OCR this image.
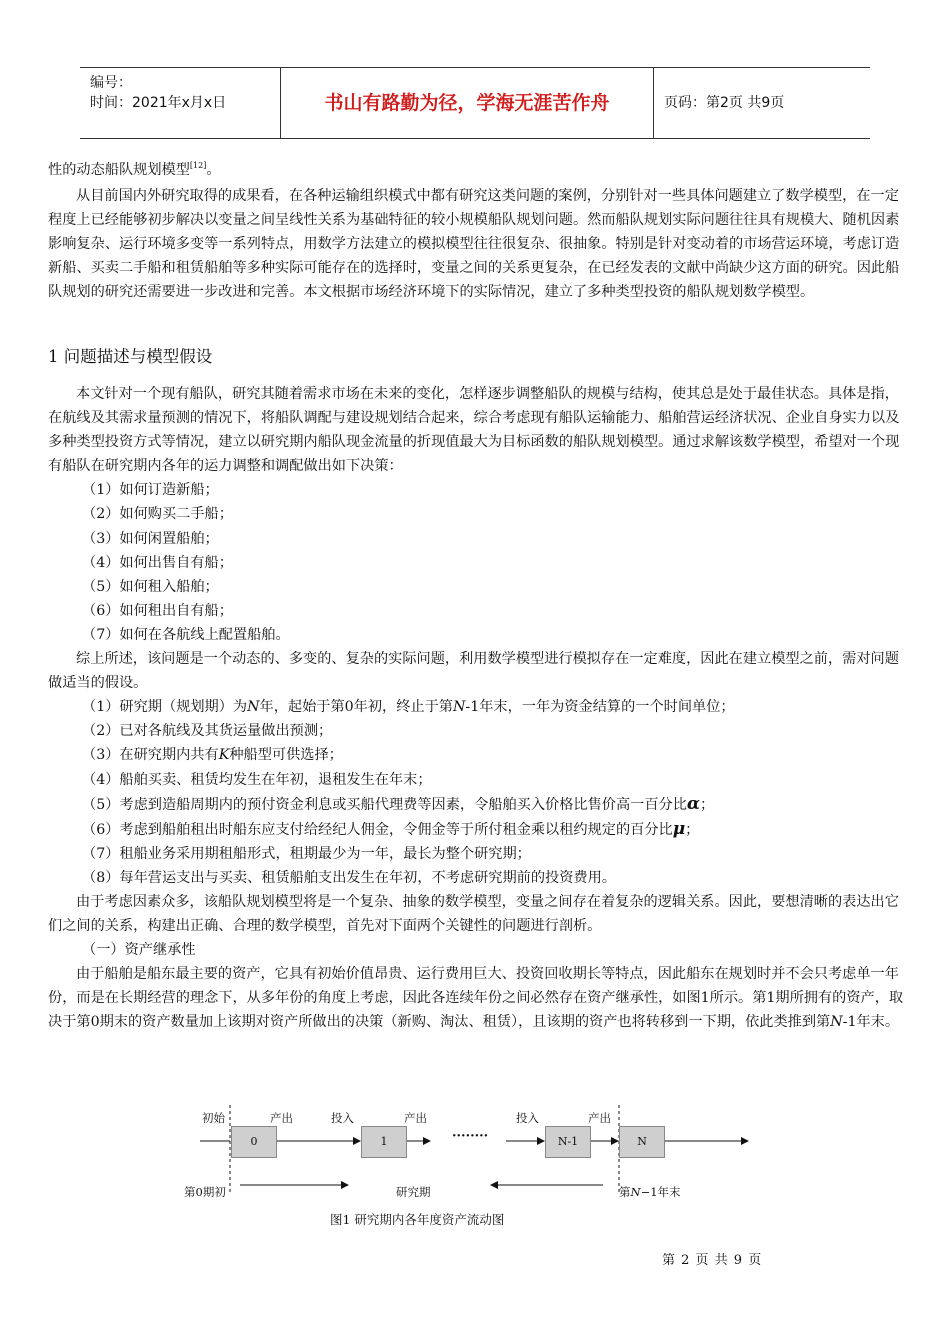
编号：
时间：2021年x月x日	书山有路勤为径，学海无涯苦作舟	页码：第2页 共9页

性的动态船队规划模型[12]。

从目前国内外研究取得的成果看，在各种运输组织模式中都有研究这类问题的案例，分别针对一些具体问题建立了数学模型，在一定程度上已经能够初步解决以变量之间呈线性关系为基础特征的较小规模船队规划问题。然而船队规划实际问题往往具有规模大、随机因素影响复杂、运行环境多变等一系列特点，用数学方法建立的模拟模型往往很复杂、很抽象。特别是针对变动着的市场营运环境，考虑订造新船、买卖二手船和租赁船舶等多种实际可能存在的选择时，变量之间的关系更复杂，在已经发表的文献中尚缺少这方面的研究。因此船队规划的研究还需要进一步改进和完善。本文根据市场经济环境下的实际情况，建立了多种类型投资的船队规划数学模型。
1 问题描述与模型假设

本文针对一个现有船队，研究其随着需求市场在未来的变化，怎样逐步调整船队的规模与结构，使其总是处于最佳状态。具体是指，在航线及其需求量预测的情况下，将船队调配与建设规划结合起来，综合考虑现有船队运输能力、船舶营运经济状况、企业自身实力以及多种类型投资方式等情况，建立以研究期内船队现金流量的折现值最大为目标函数的船队规划模型。通过求解该数学模型，希望对一个现有船队在研究期内各年的运力调整和调配做出如下决策：

（1）如何订造新船；

（2）如何购买二手船；

（3）如何闲置船舶；

（4）如何出售自有船；

（5）如何租入船舶；

（6）如何租出自有船；

（7）如何在各航线上配置船舶。

综上所述，该问题是一个动态的、多变的、复杂的实际问题，利用数学模型进行模拟存在一定难度，因此在建立模型之前，需对问题做适当的假设。

（1）研究期（规划期）为N年，起始于第0年初，终止于第N-1年末，一年为资金结算的一个时间单位；

（2）已对各航线及其货运量做出预测；

（3）在研究期内共有K种船型可供选择；

（4）船舶买卖、租赁均发生在年初，退租发生在年末；

（5）考虑到造船周期内的预付资金利息或买船代理费等因素，令船舶买入价格比售价高一百分比α；

（6）考虑到船舶租出时船东应支付给经纪人佣金，令佣金等于所付租金乘以租约规定的百分比μ；

（7）租船业务采用期租船形式，租期最少为一年，最长为整个研究期；

（8）每年营运支出与买卖、租赁船舶支出发生在年初，不考虑研究期前的投资费用。

由于考虑因素众多，该船队规划模型将是一个复杂、抽象的数学模型，变量之间存在着复杂的逻辑关系。因此，要想清晰的表达出它们之间的关系，构建出正确、合理的数学模型，首先对下面两个关键性的问题进行剖析。

（一）资产继承性

由于船舶是船东最主要的资产，它具有初始价值昂贵、运行费用巨大、投资回收期长等特点，因此船东在规划时并不会只考虑单一年份，而是在长期经营的理念下，从多年份的角度上考虑，因此各连续年份之间必然存在资产继承性，如图1所示。第1期所拥有的资产，取决于第0期末的资产数量加上该期对资产所做出的决策（新购、淘汰、租赁），且该期的资产也将转移到一下期，依此类推到第N-1年末。

初始	产出	投入	产出	投入	产出
0	1	········	N-1	N
第0期初	研究期	第N−1年末
图1 研究期内各年度资产流动图
第 2 页 共 9 页
